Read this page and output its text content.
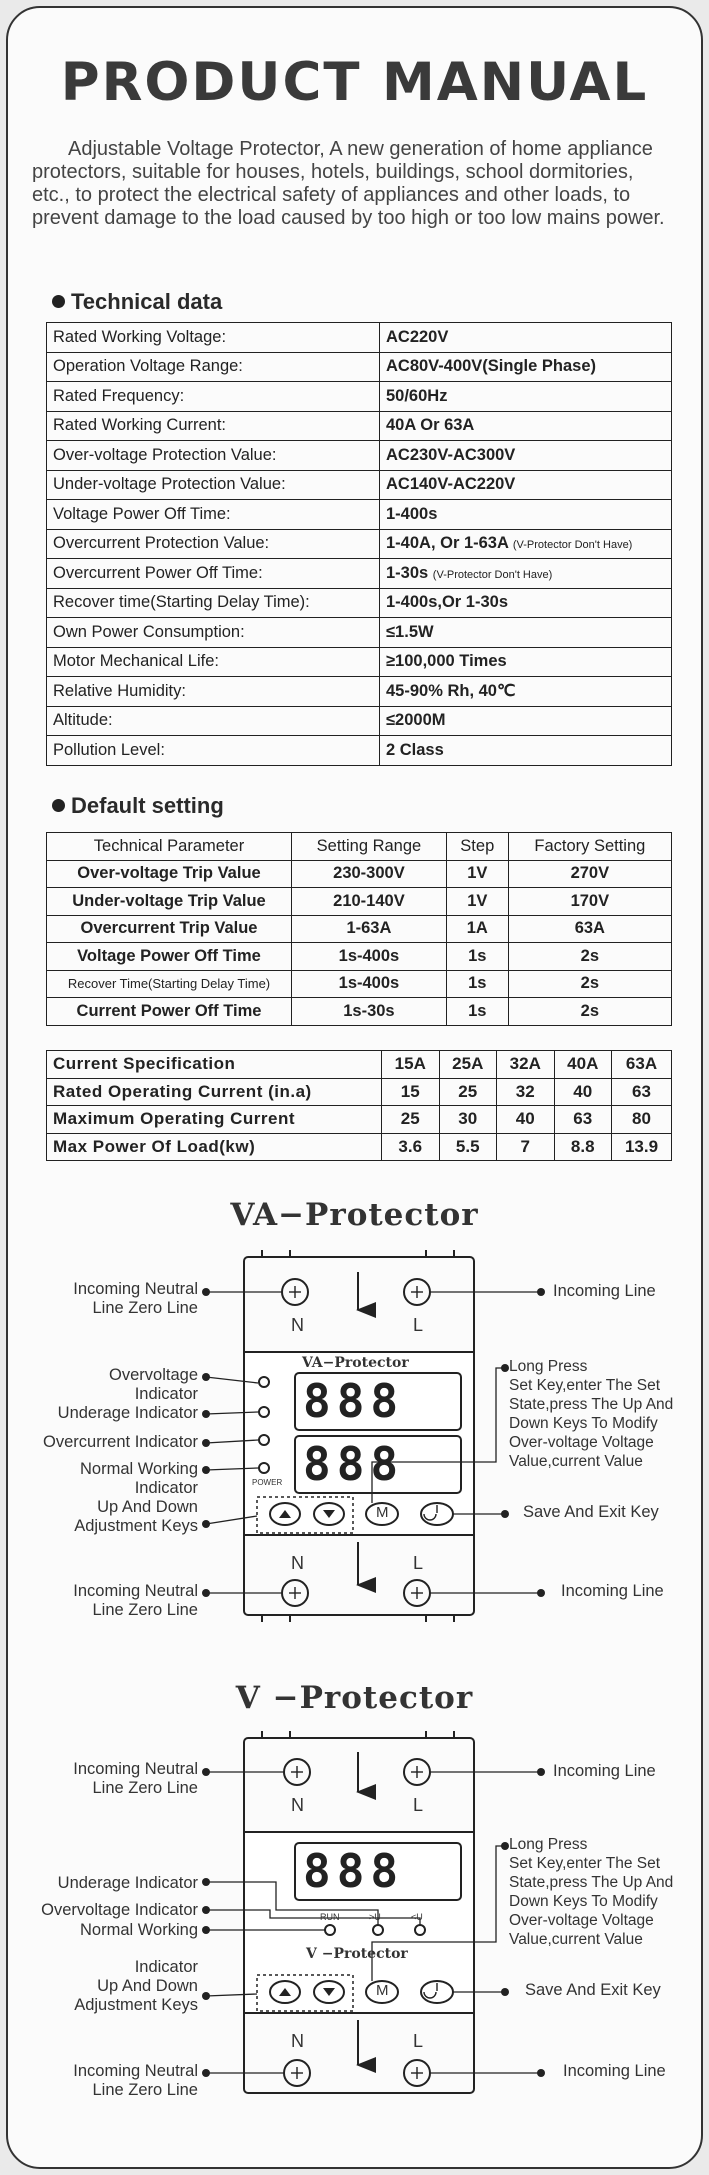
PRODUCT MANUAL
Adjustable Voltage Protector, A new generation of home appliance protectors, suitable for houses, hotels, buildings, school dormitories, etc., to protect the electrical safety of appliances and other loads, to prevent damage to the load caused by too high or too low mains power.
Technical data
Rated Working Voltage:	AC220V
Operation Voltage Range:	AC80V-400V(Single Phase)
Rated Frequency:	50/60Hz
Rated Working Current:	40A Or 63A
Over-voltage Protection Value:	AC230V-AC300V
Under-voltage Protection Value:	AC140V-AC220V
Voltage Power Off Time:	1-400s
Overcurrent Protection Value:	1-40A, Or 1-63A (V-Protector Don't Have)
Overcurrent Power Off Time:	1-30s (V-Protector Don't Have)
Recover time(Starting Delay Time):	1-400s,Or 1-30s
Own Power Consumption:	≤1.5W
Motor Mechanical Life:	≥100,000 Times
Relative Humidity:	45-90% Rh, 40℃
Altitude:	≤2000M
Pollution Level:	2 Class
Default setting
Technical Parameter	Setting Range	Step	Factory Setting
Over-voltage Trip Value	230-300V	1V	270V
Under-voltage Trip Value	210-140V	1V	170V
Overcurrent Trip Value	1-63A	1A	63A
Voltage Power Off Time	1s-400s	1s	2s
Recover Time(Starting Delay Time)	1s-400s	1s	2s
Current Power Off Time	1s-30s	1s	2s
Current Specification	15A	25A	32A	40A	63A
Rated Operating Current (in.a)	15	25	32	40	63
Maximum Operating Current	25	30	40	63	80
Max Power Of Load(kw)	3.6	5.5	7	8.8	13.9
VA−Protector
N	L
N	L
VA−Protector
888
888
POWER
M
Incoming Neutral
Line Zero Line
Incoming Line
Overvoltage
Indicator
Underage Indicator
Overcurrent Indicator
Normal Working
Indicator
Up And Down
Adjustment Keys
Long Press
Set Key,enter The Set
State,press The Up And
Down Keys To Modify
Over-voltage Voltage
Value,current Value
Save And Exit Key
Incoming Neutral
Line Zero Line
Incoming Line
V −Protector
N	L
N	L
888
RUN	>U	<U
V −Protector
M
Incoming Neutral
Line Zero Line
Incoming Line
Underage Indicator
Overvoltage Indicator
Normal Working
Indicator
Up And Down
Adjustment Keys
Long Press
Set Key,enter The Set
State,press The Up And
Down Keys To Modify
Over-voltage Voltage
Value,current Value
Save And Exit Key
Incoming Neutral
Line Zero Line
Incoming Line
